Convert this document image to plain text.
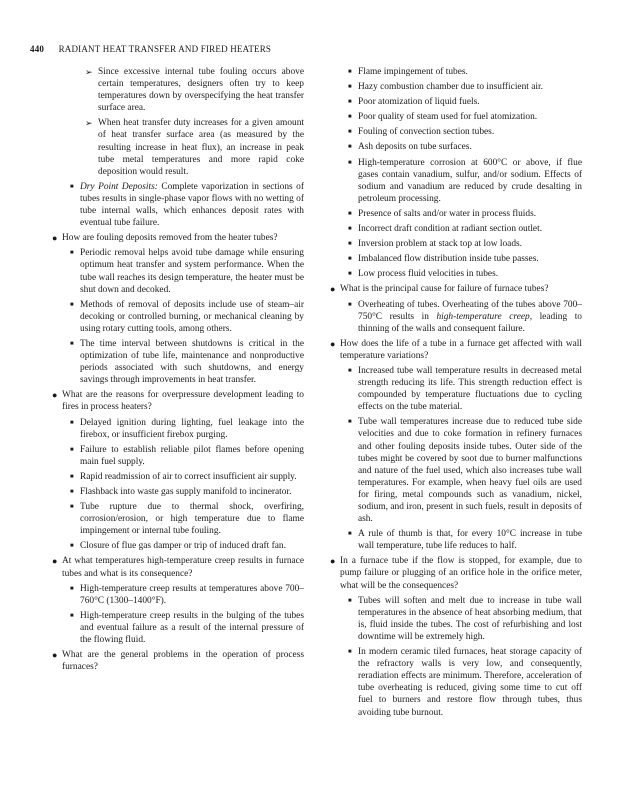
440 RADIANT HEAT TRANSFER AND FIRED HEATERS
➢ Since excessive internal tube fouling occurs above certain temperatures, designers often try to keep temperatures down by overspecifying the heat transfer surface area.
➢ When heat transfer duty increases for a given amount of heat transfer surface area (as measured by the resulting increase in heat flux), an increase in peak tube metal temperatures and more rapid coke deposition would result.
■ Dry Point Deposits: Complete vaporization in sections of tubes results in single-phase vapor flows with no wetting of tube internal walls, which enhances deposit rates with eventual tube failure.
● How are fouling deposits removed from the heater tubes?
■ Periodic removal helps avoid tube damage while ensuring optimum heat transfer and system performance. When the tube wall reaches its design temperature, the heater must be shut down and decoked.
■ Methods of removal of deposits include use of steam–air decoking or controlled burning, or mechanical cleaning by using rotary cutting tools, among others.
■ The time interval between shutdowns is critical in the optimization of tube life, maintenance and nonproductive periods associated with such shutdowns, and energy savings through improvements in heat transfer.
● What are the reasons for overpressure development leading to fires in process heaters?
■ Delayed ignition during lighting, fuel leakage into the firebox, or insufficient firebox purging.
■ Failure to establish reliable pilot flames before opening main fuel supply.
■ Rapid readmission of air to correct insufficient air supply.
■ Flashback into waste gas supply manifold to incinerator.
■ Tube rupture due to thermal shock, overfiring, corrosion/erosion, or high temperature due to flame impingement or internal tube fouling.
■ Closure of flue gas damper or trip of induced draft fan.
● At what temperatures high-temperature creep results in furnace tubes and what is its consequence?
■ High-temperature creep results at temperatures above 700–760°C (1300–1400°F).
■ High-temperature creep results in the bulging of the tubes and eventual failure as a result of the internal pressure of the flowing fluid.
● What are the general problems in the operation of process furnaces?
■ Flame impingement of tubes.
■ Hazy combustion chamber due to insufficient air.
■ Poor atomization of liquid fuels.
■ Poor quality of steam used for fuel atomization.
■ Fouling of convection section tubes.
■ Ash deposits on tube surfaces.
■ High-temperature corrosion at 600°C or above, if flue gases contain vanadium, sulfur, and/or sodium. Effects of sodium and vanadium are reduced by crude desalting in petroleum processing.
■ Presence of salts and/or water in process fluids.
■ Incorrect draft condition at radiant section outlet.
■ Inversion problem at stack top at low loads.
■ Imbalanced flow distribution inside tube passes.
■ Low process fluid velocities in tubes.
● What is the principal cause for failure of furnace tubes?
■ Overheating of tubes. Overheating of the tubes above 700–750°C results in high-temperature creep, leading to thinning of the walls and consequent failure.
● How does the life of a tube in a furnace get affected with wall temperature variations?
■ Increased tube wall temperature results in decreased metal strength reducing its life. This strength reduction effect is compounded by temperature fluctuations due to cycling effects on the tube material.
■ Tube wall temperatures increase due to reduced tube side velocities and due to coke formation in refinery furnaces and other fouling deposits inside tubes. Outer side of the tubes might be covered by soot due to burner malfunctions and nature of the fuel used, which also increases tube wall temperatures. For example, when heavy fuel oils are used for firing, metal compounds such as vanadium, nickel, sodium, and iron, present in such fuels, result in deposits of ash.
■ A rule of thumb is that, for every 10°C increase in tube wall temperature, tube life reduces to half.
● In a furnace tube if the flow is stopped, for example, due to pump failure or plugging of an orifice hole in the orifice meter, what will be the consequences?
■ Tubes will soften and melt due to increase in tube wall temperatures in the absence of heat absorbing medium, that is, fluid inside the tubes. The cost of refurbishing and lost downtime will be extremely high.
■ In modern ceramic tiled furnaces, heat storage capacity of the refractory walls is very low, and consequently, reradiation effects are minimum. Therefore, acceleration of tube overheating is reduced, giving some time to cut off fuel to burners and restore flow through tubes, thus avoiding tube burnout.
